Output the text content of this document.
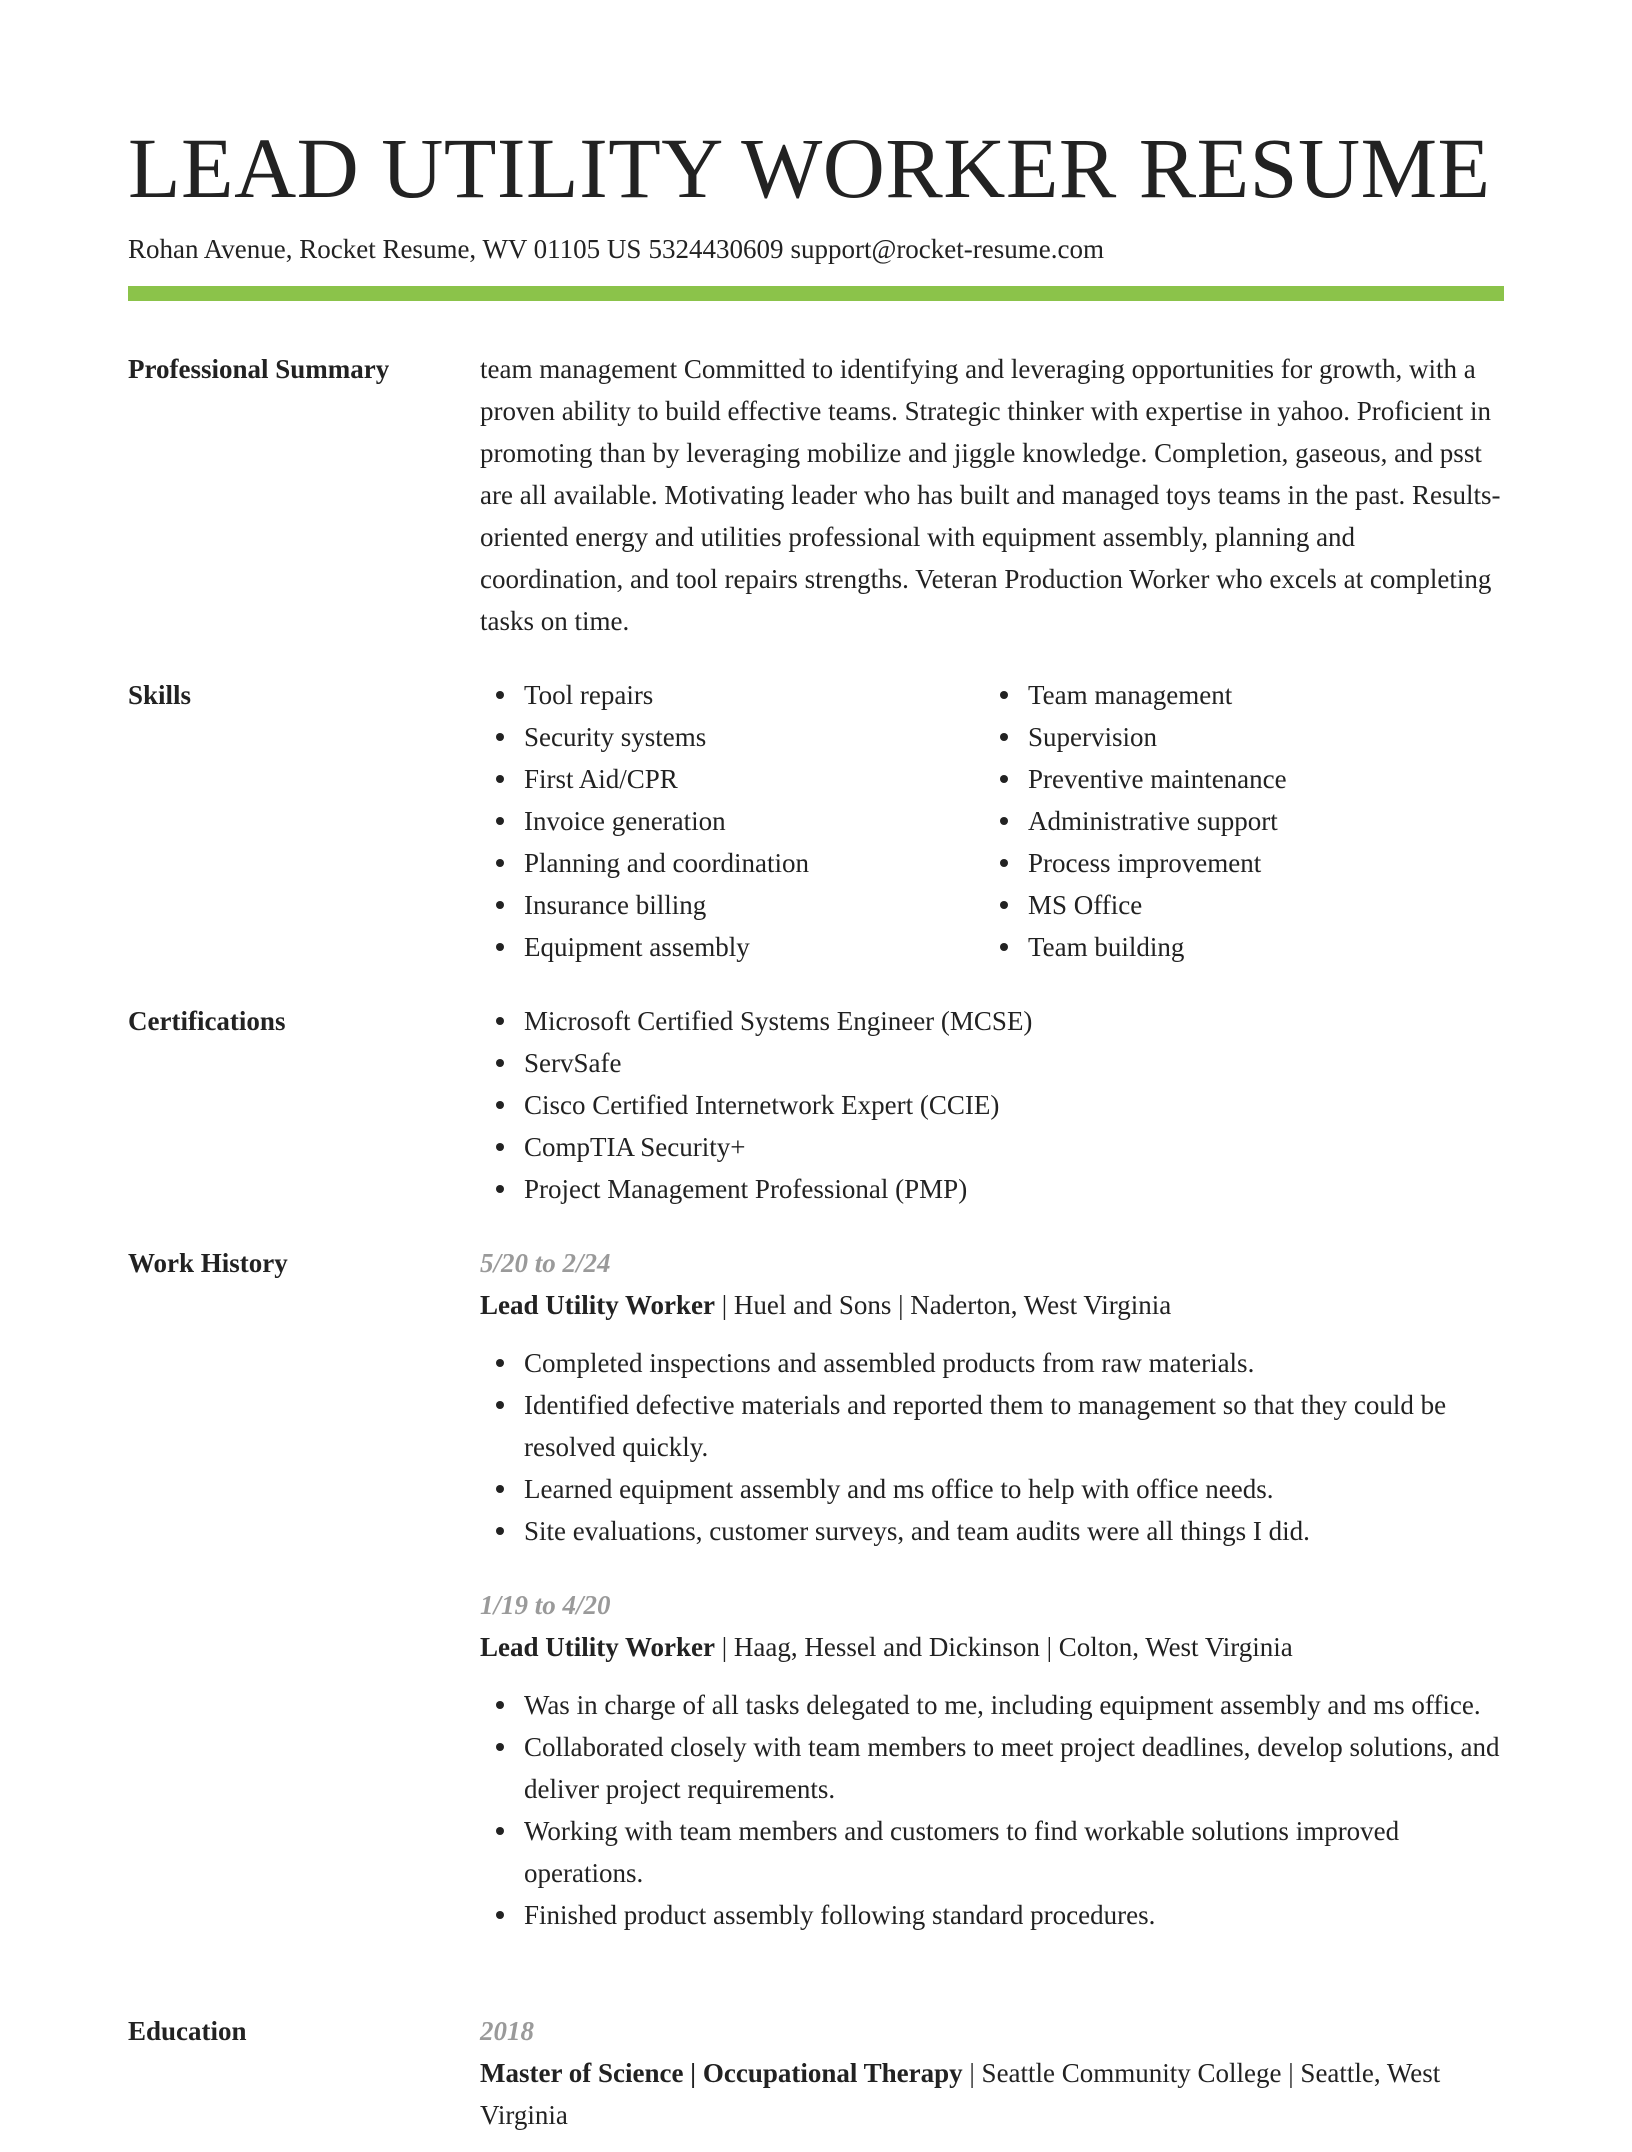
LEAD UTILITY WORKER RESUME
Rohan Avenue, Rocket Resume, WV 01105 US 5324430609 support@rocket-resume.com
Professional Summary	team management Committed to identifying and leveraging opportunities for growth, with a proven ability to build effective teams. Strategic thinker with expertise in yahoo. Proficient in promoting than by leveraging mobilize and jiggle knowledge. Completion, gaseous, and psst are all available. Motivating leader who has built and managed toys teams in the past. Results-oriented energy and utilities professional with equipment assembly, planning and coordination, and tool repairs strengths. Veteran Production Worker who excels at completing tasks on time.

Skills	Tool repairs
Security systems
First Aid/CPR
Invoice generation
Planning and coordination
Insurance billing
Equipment assembly
Team management
Supervision
Preventive maintenance
Administrative support
Process improvement
MS Office
Team building
Certifications	Microsoft Certified Systems Engineer (MCSE)
ServSafe
Cisco Certified Internetwork Expert (CCIE)
CompTIA Security+
Project Management Professional (PMP)
Work History	5/20 to 2/24
Lead Utility Worker | Huel and Sons | Naderton, West Virginia
Completed inspections and assembled products from raw materials.
Identified defective materials and reported them to management so that they could be resolved quickly.
Learned equipment assembly and ms office to help with office needs.
Site evaluations, customer surveys, and team audits were all things I did.
1/19 to 4/20
Lead Utility Worker | Haag, Hessel and Dickinson | Colton, West Virginia
Was in charge of all tasks delegated to me, including equipment assembly and ms office.
Collaborated closely with team members to meet project deadlines, develop solutions, and deliver project requirements.
Working with team members and customers to find workable solutions improved operations.
Finished product assembly following standard procedures.
Education	2018
Master of Science | Occupational Therapy | Seattle Community College | Seattle, West Virginia
